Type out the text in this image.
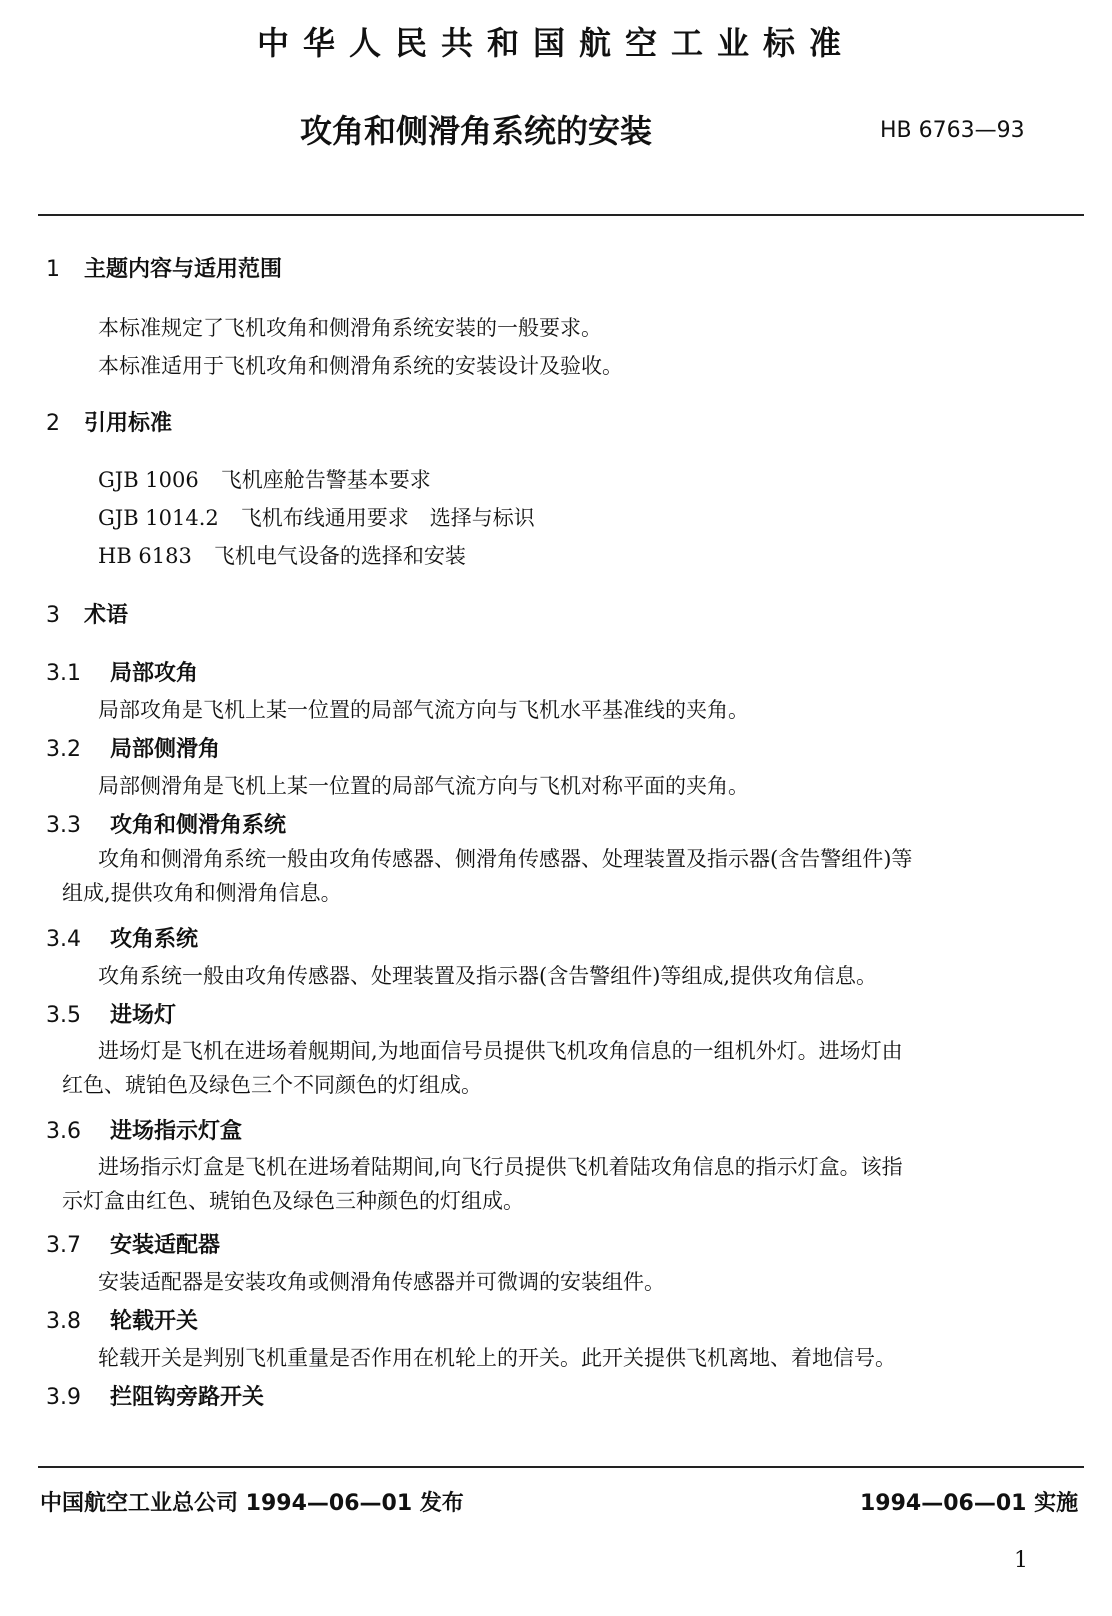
中华人民共和国航空工业标准
攻角和侧滑角系统的安装	HB 6763—93
1 主题内容与适用范围
本标准规定了飞机攻角和侧滑角系统安装的一般要求。
本标准适用于飞机攻角和侧滑角系统的安装设计及验收。
2 引用标准
GJB 1006 飞机座舱告警基本要求
GJB 1014.2 飞机布线通用要求　选择与标识
HB 6183 飞机电气设备的选择和安装
3 术语
3.1 局部攻角
局部攻角是飞机上某一位置的局部气流方向与飞机水平基准线的夹角。
3.2 局部侧滑角
局部侧滑角是飞机上某一位置的局部气流方向与飞机对称平面的夹角。
3.3 攻角和侧滑角系统
攻角和侧滑角系统一般由攻角传感器、侧滑角传感器、处理装置及指示器(含告警组件)等
组成,提供攻角和侧滑角信息。
3.4 攻角系统
攻角系统一般由攻角传感器、处理装置及指示器(含告警组件)等组成,提供攻角信息。
3.5 进场灯
进场灯是飞机在进场着舰期间,为地面信号员提供飞机攻角信息的一组机外灯。进场灯由
红色、琥铂色及绿色三个不同颜色的灯组成。
3.6 进场指示灯盒
进场指示灯盒是飞机在进场着陆期间,向飞行员提供飞机着陆攻角信息的指示灯盒。该指
示灯盒由红色、琥铂色及绿色三种颜色的灯组成。
3.7 安装适配器
安装适配器是安装攻角或侧滑角传感器并可微调的安装组件。
3.8 轮载开关
轮载开关是判别飞机重量是否作用在机轮上的开关。此开关提供飞机离地、着地信号。
3.9 拦阻钩旁路开关
中国航空工业总公司 1994—06—01 发布	1994—06—01 实施
1
